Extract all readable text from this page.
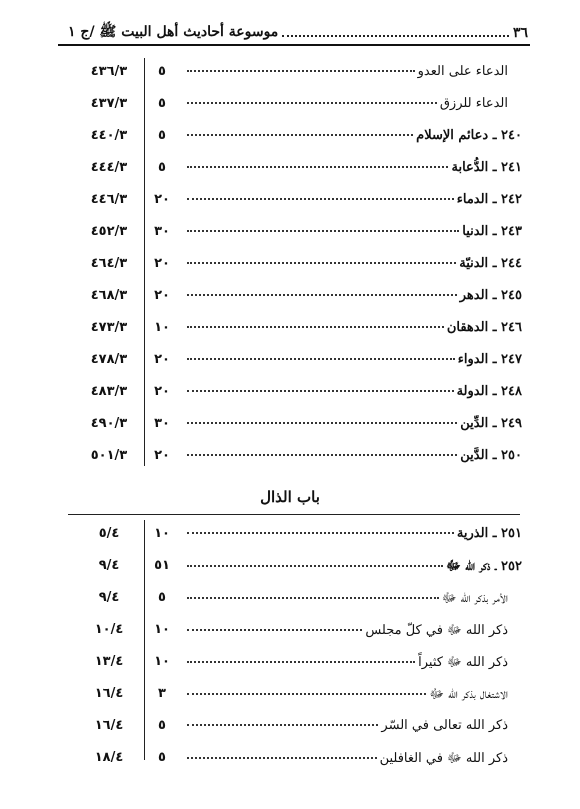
٣٦
موسوعة أحاديث أهل البيت ﷺ /ج ١
باب الذال
٤٣٦/٣	٥	الدعاء على العدو
٤٣٧/٣	٥	الدعاء للرزق
٤٤٠/٣	٥	٢٤٠ ـ دعائم الإسلام
٤٤٤/٣	٥	٢٤١ ـ الدُّعابة
٤٤٦/٣	٢٠	٢٤٢ ـ الدماء
٤٥٢/٣	٣٠	٢٤٣ ـ الدنيا
٤٦٤/٣	٢٠	٢٤٤ ـ الدنيّة
٤٦٨/٣	٢٠	٢٤٥ ـ الدهر
٤٧٣/٣	١٠	٢٤٦ ـ الدهقان
٤٧٨/٣	٢٠	٢٤٧ ـ الدواء
٤٨٣/٣	٢٠	٢٤٨ ـ الدولة
٤٩٠/٣	٣٠	٢٤٩ ـ الدِّين
٥٠١/٣	٢٠	٢٥٠ ـ الدَّين
٥/٤	١٠	٢٥١ ـ الذرية
٩/٤	٥١	٢٥٢ ـ ذكر الله ﷻ
٩/٤	٥	الأمر بذكر الله ﷻ
١٠/٤	١٠	ذكر الله ﷻ في كلّ مجلس
١٣/٤	١٠	ذكر الله ﷻ كثيراً
١٦/٤	٣	الاشتغال بذكر الله ﷻ
١٦/٤	٥	ذكر الله تعالى في السّر
١٨/٤	٥	ذكر الله ﷻ في الغافلين
